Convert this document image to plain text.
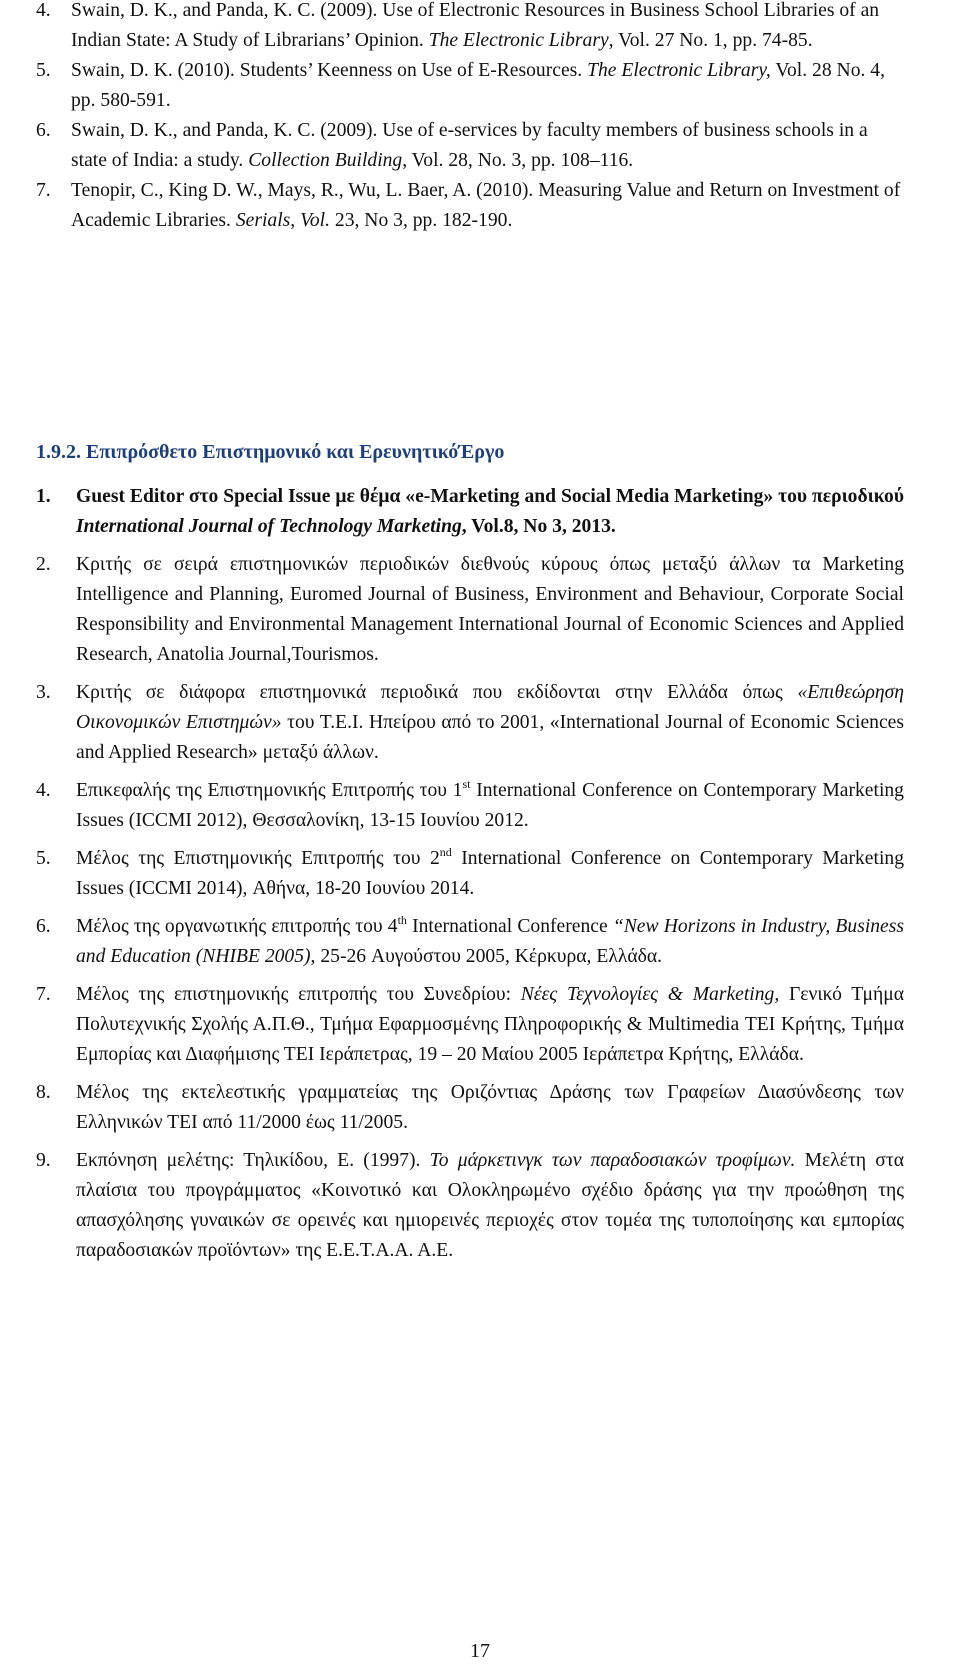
4.	Swain, D. K., and Panda, K. C. (2009). Use of Electronic Resources in Business School Libraries of an Indian State: A Study of Librarians’ Opinion. The Electronic Library, Vol. 27 No. 1, pp. 74-85.
5.	Swain, D. K. (2010). Students’ Keenness on Use of E-Resources. The Electronic Library, Vol. 28 No. 4, pp. 580-591.
6.	Swain, D. K., and Panda, K. C. (2009). Use of e-services by faculty members of business schools in a state of India: a study. Collection Building, Vol. 28, No. 3, pp. 108–116.
7.	Tenopir, C., King D. W., Mays, R., Wu, L. Baer, A. (2010). Measuring Value and Return on Investment of Academic Libraries. Serials, Vol. 23, No 3, pp. 182-190.
1.9.2. Επιπρόσθετο Επιστημονικό και ΕρευνητικόΈργο
1.	Guest Editor στο Special Issue με θέμα «e-Marketing and Social Media Marketing» του περιοδικού International Journal of Technology Marketing, Vol.8, No 3, 2013.
2.	Κριτής σε σειρά επιστημονικών περιοδικών διεθνούς κύρους όπως μεταξύ άλλων τα Marketing Intelligence and Planning, Euromed Journal of Business, Environment and Behaviour, Corporate Social Responsibility and Environmental Management International Journal of Economic Sciences and Applied Research, Anatolia Journal,Tourismos.
3.	Κριτής σε διάφορα επιστημονικά περιοδικά που εκδίδονται στην Ελλάδα όπως «Επιθεώρηση Οικονομικών Επιστημών» του Τ.Ε.Ι. Ηπείρου από το 2001, «International Journal of Economic Sciences and Applied Research» μεταξύ άλλων.
4.	Επικεφαλής της Επιστημονικής Επιτροπής του 1st International Conference on Contemporary Marketing Issues (ICCMI 2012), Θεσσαλονίκη, 13-15 Ιουνίου 2012.
5.	Μέλος της Επιστημονικής Επιτροπής του 2nd International Conference on Contemporary Marketing Issues (ICCMI 2014), Αθήνα, 18-20 Ιουνίου 2014.
6.	Μέλος της οργανωτικής επιτροπής του 4th International Conference “New Horizons in Industry, Business and Education (NHIBE 2005), 25-26 Αυγούστου 2005, Κέρκυρα, Ελλάδα.
7.	Μέλος της επιστημονικής επιτροπής του Συνεδρίου: Νέες Τεχνολογίες & Marketing, Γενικό Τμήμα Πολυτεχνικής Σχολής Α.Π.Θ., Τμήμα Εφαρμοσμένης Πληροφορικής & Multimedia ΤΕΙ Κρήτης, Τμήμα Εμπορίας και Διαφήμισης ΤΕΙ Ιεράπετρας, 19 – 20 Μαίου 2005 Ιεράπετρα Κρήτης, Ελλάδα.
8.	Μέλος της εκτελεστικής γραμματείας της Οριζόντιας Δράσης των Γραφείων Διασύνδεσης των Ελληνικών ΤΕΙ από 11/2000 έως 11/2005.
9.	Εκπόνηση μελέτης: Τηλικίδου, Ε. (1997). Το μάρκετινγκ των παραδοσιακών τροφίμων. Μελέτη στα πλαίσια του προγράμματος «Κοινοτικό και Ολοκληρωμένο σχέδιο δράσης για την προώθηση της απασχόλησης γυναικών σε ορεινές και ημιορεινές περιοχές στον τομέα της τυποποίησης και εμπορίας παραδοσιακών προϊόντων» της Ε.Ε.Τ.Α.Α. Α.Ε.
17
